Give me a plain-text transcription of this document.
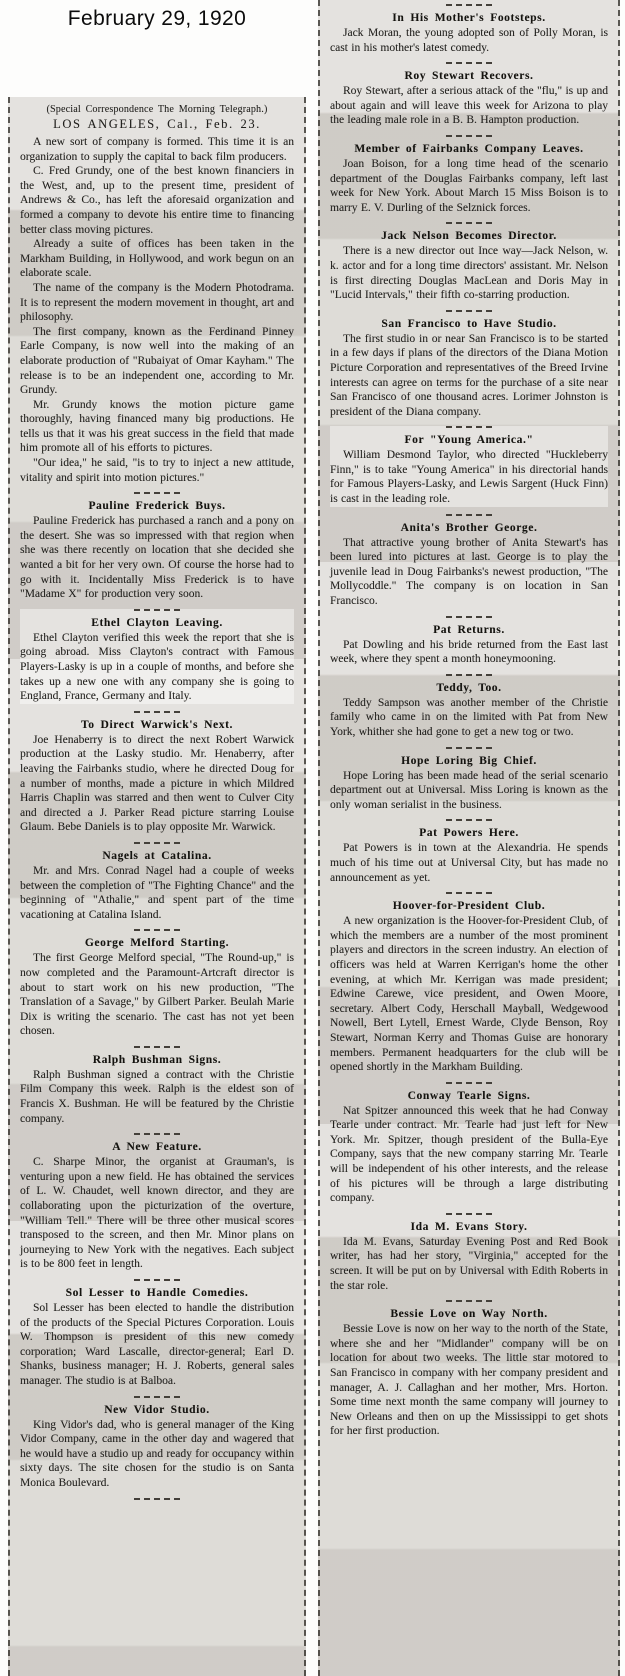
February 29, 1920

(Special Correspondence The Morning Telegraph.)

LOS ANGELES, Cal., Feb. 23.

A new sort of company is formed. This time it is an organization to supply the capital to back film producers.

C. Fred Grundy, one of the best known financiers in the West, and, up to the present time, president of Andrews & Co., has left the aforesaid organization and formed a company to devote his entire time to financing better class moving pictures.

Already a suite of offices has been taken in the Markham Building, in Hollywood, and work begun on an elaborate scale.

The name of the company is the Modern Photodrama. It is to represent the modern movement in thought, art and philosophy.

The first company, known as the Ferdinand Pinney Earle Company, is now well into the making of an elaborate production of "Rubaiyat of Omar Kayham." The release is to be an independent one, according to Mr. Grundy.

Mr. Grundy knows the motion picture game thoroughly, having financed many big productions. He tells us that it was his great success in the field that made him promote all of his efforts to pictures.

"Our idea," he said, "is to try to inject a new attitude, vitality and spirit into motion pictures."

Pauline Frederick Buys.

Pauline Frederick has purchased a ranch and a pony on the desert. She was so impressed with that region when she was there recently on location that she decided she wanted a bit for her very own. Of course the horse had to go with it. Incidentally Miss Frederick is to have "Madame X" for production very soon.

Ethel Clayton Leaving.

Ethel Clayton verified this week the report that she is going abroad. Miss Clayton's contract with Famous Players-Lasky is up in a couple of months, and before she takes up a new one with any company she is going to England, France, Germany and Italy.

To Direct Warwick's Next.

Joe Henaberry is to direct the next Robert Warwick production at the Lasky studio. Mr. Henaberry, after leaving the Fairbanks studio, where he directed Doug for a number of months, made a picture in which Mildred Harris Chaplin was starred and then went to Culver City and directed a J. Parker Read picture starring Louise Glaum. Bebe Daniels is to play opposite Mr. Warwick.

Nagels at Catalina.

Mr. and Mrs. Conrad Nagel had a couple of weeks between the completion of "The Fighting Chance" and the beginning of "Athalie," and spent part of the time vacationing at Catalina Island.

George Melford Starting.

The first George Melford special, "The Round-up," is now completed and the Paramount-Artcraft director is about to start work on his new production, "The Translation of a Savage," by Gilbert Parker. Beulah Marie Dix is writing the scenario. The cast has not yet been chosen.

Ralph Bushman Signs.

Ralph Bushman signed a contract with the Christie Film Company this week. Ralph is the eldest son of Francis X. Bushman. He will be featured by the Christie company.

A New Feature.

C. Sharpe Minor, the organist at Grauman's, is venturing upon a new field. He has obtained the services of L. W. Chaudet, well known director, and they are collaborating upon the picturization of the overture, "William Tell." There will be three other musical scores transposed to the screen, and then Mr. Minor plans on journeying to New York with the negatives. Each subject is to be 800 feet in length.

Sol Lesser to Handle Comedies.

Sol Lesser has been elected to handle the distribution of the products of the Special Pictures Corporation. Louis W. Thompson is president of this new comedy corporation; Ward Lascalle, director-general; Earl D. Shanks, business manager; H. J. Roberts, general sales manager. The studio is at Balboa.

New Vidor Studio.

King Vidor's dad, who is general manager of the King Vidor Company, came in the other day and wagered that he would have a studio up and ready for occupancy within sixty days. The site chosen for the studio is on Santa Monica Boulevard.

In His Mother's Footsteps.

Jack Moran, the young adopted son of Polly Moran, is cast in his mother's latest comedy.

Roy Stewart Recovers.

Roy Stewart, after a serious attack of the "flu," is up and about again and will leave this week for Arizona to play the leading male role in a B. B. Hampton production.

Member of Fairbanks Company Leaves.

Joan Boison, for a long time head of the scenario department of the Douglas Fairbanks company, left last week for New York. About March 15 Miss Boison is to marry E. V. Durling of the Selznick forces.

Jack Nelson Becomes Director.

There is a new director out Ince way—Jack Nelson, w. k. actor and for a long time directors' assistant. Mr. Nelson is first directing Douglas MacLean and Doris May in "Lucid Intervals," their fifth co-starring production.

San Francisco to Have Studio.

The first studio in or near San Francisco is to be started in a few days if plans of the directors of the Diana Motion Picture Corporation and representatives of the Breed Irvine interests can agree on terms for the purchase of a site near San Francisco of one thousand acres. Lorimer Johnston is president of the Diana company.

For "Young America."

William Desmond Taylor, who directed "Huckleberry Finn," is to take "Young America" in his directorial hands for Famous Players-Lasky, and Lewis Sargent (Huck Finn) is cast in the leading role.

Anita's Brother George.

That attractive young brother of Anita Stewart's has been lured into pictures at last. George is to play the juvenile lead in Doug Fairbanks's newest production, "The Mollycoddle." The company is on location in San Francisco.

Pat Returns.

Pat Dowling and his bride returned from the East last week, where they spent a month honeymooning.

Teddy, Too.

Teddy Sampson was another member of the Christie family who came in on the limited with Pat from New York, whither she had gone to get a new tog or two.

Hope Loring Big Chief.

Hope Loring has been made head of the serial scenario department out at Universal. Miss Loring is known as the only woman serialist in the business.

Pat Powers Here.

Pat Powers is in town at the Alexandria. He spends much of his time out at Universal City, but has made no announcement as yet.

Hoover-for-President Club.

A new organization is the Hoover-for-President Club, of which the members are a number of the most prominent players and directors in the screen industry. An election of officers was held at Warren Kerrigan's home the other evening, at which Mr. Kerrigan was made president; Edwine Carewe, vice president, and Owen Moore, secretary. Albert Cody, Herschall Mayball, Wedgewood Nowell, Bert Lytell, Ernest Warde, Clyde Benson, Roy Stewart, Norman Kerry and Thomas Guise are honorary members. Permanent headquarters for the club will be opened shortly in the Markham Building.

Conway Tearle Signs.

Nat Spitzer announced this week that he had Conway Tearle under contract. Mr. Tearle had just left for New York. Mr. Spitzer, though president of the Bulla-Eye Company, says that the new company starring Mr. Tearle will be independent of his other interests, and the release of his pictures will be through a large distributing company.

Ida M. Evans Story.

Ida M. Evans, Saturday Evening Post and Red Book writer, has had her story, "Virginia," accepted for the screen. It will be put on by Universal with Edith Roberts in the star role.

Bessie Love on Way North.

Bessie Love is now on her way to the north of the State, where she and her "Midlander" company will be on location for about two weeks. The little star motored to San Francisco in company with her company president and manager, A. J. Callaghan and her mother, Mrs. Horton. Some time next month the same company will journey to New Orleans and then on up the Mississippi to get shots for her first production.
